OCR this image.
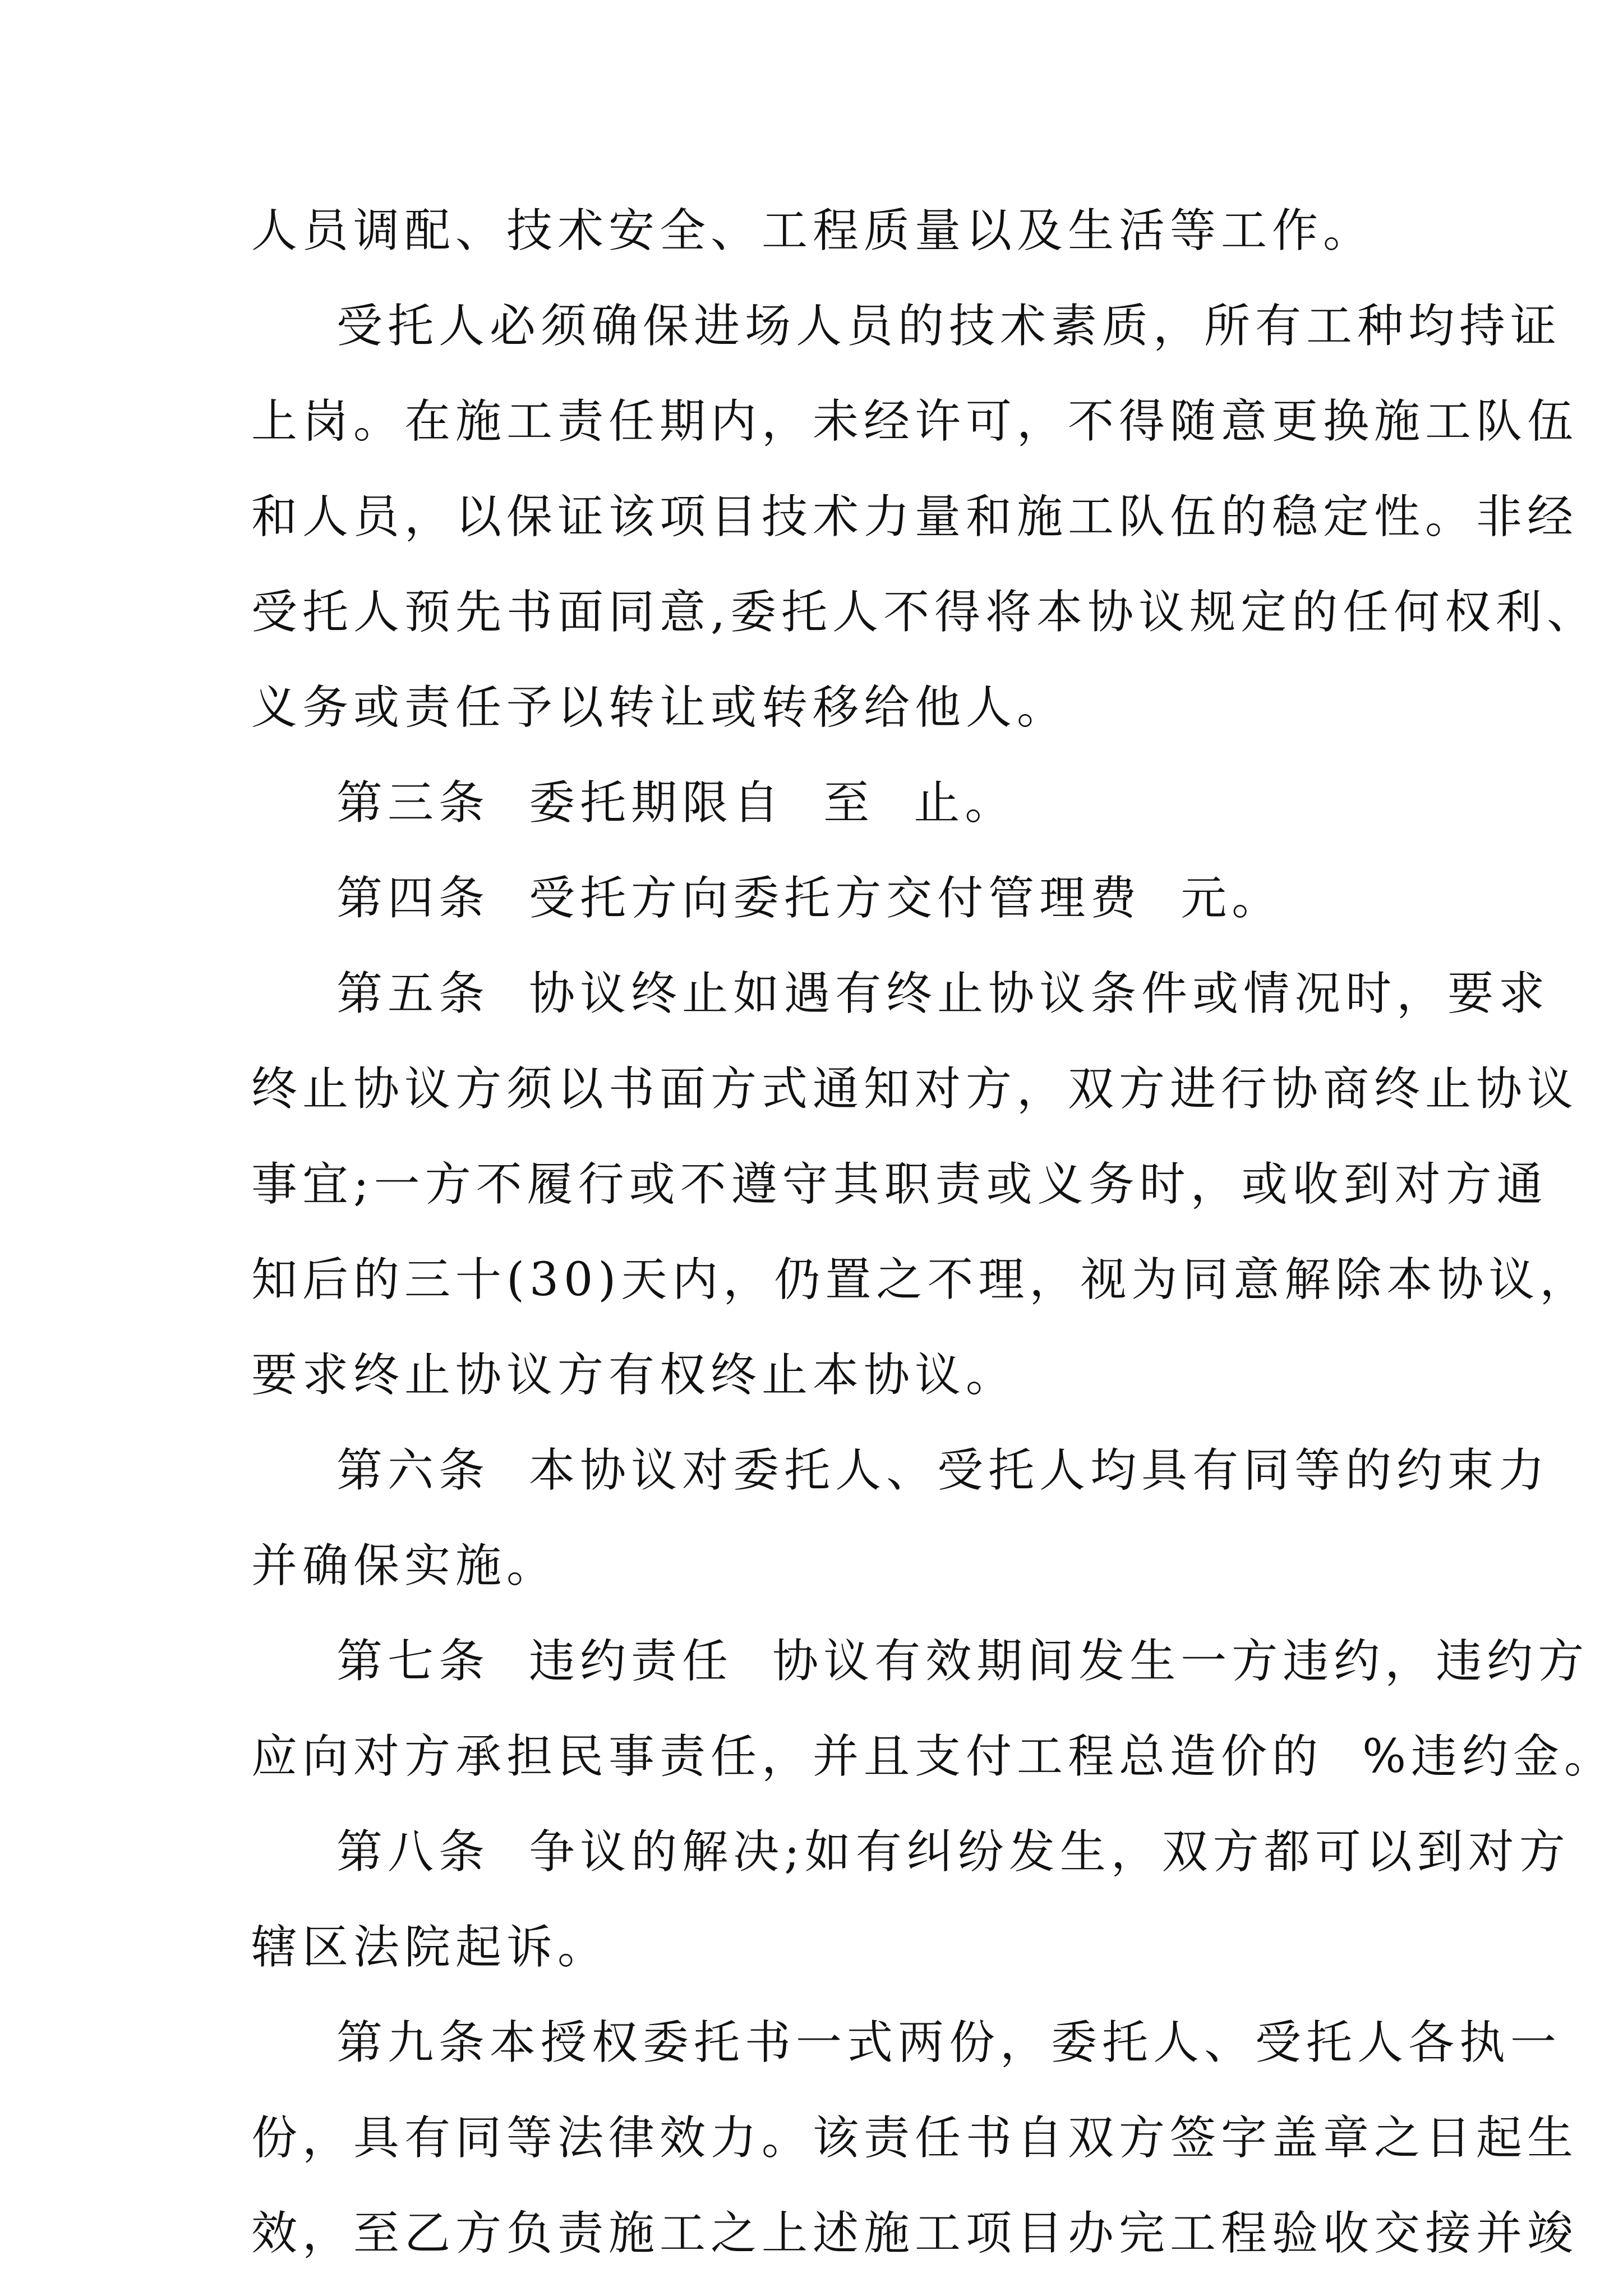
人员调配、技术安全、工程质量以及生活等工作。
受托人必须确保进场人员的技术素质，所有工种均持证
上岗。在施工责任期内，未经许可，不得随意更换施工队伍
和人员，以保证该项目技术力量和施工队伍的稳定性。非经
受托人预先书面同意,委托人不得将本协议规定的任何权利、
义务或责任予以转让或转移给他人。
第三条  委托期限自  至  止。
第四条  受托方向委托方交付管理费  元。
第五条  协议终止如遇有终止协议条件或情况时，要求
终止协议方须以书面方式通知对方，双方进行协商终止协议
事宜;一方不履行或不遵守其职责或义务时，或收到对方通
知后的三十(30)天内，仍置之不理，视为同意解除本协议，
要求终止协议方有权终止本协议。
第六条  本协议对委托人、受托人均具有同等的约束力
并确保实施。
第七条  违约责任  协议有效期间发生一方违约，违约方
应向对方承担民事责任，并且支付工程总造价的  %违约金。
第八条  争议的解决;如有纠纷发生，双方都可以到对方
辖区法院起诉。
第九条本授权委托书一式两份，委托人、受托人各执一
份，具有同等法律效力。该责任书自双方签字盖章之日起生
效，至乙方负责施工之上述施工项目办完工程验收交接并竣
